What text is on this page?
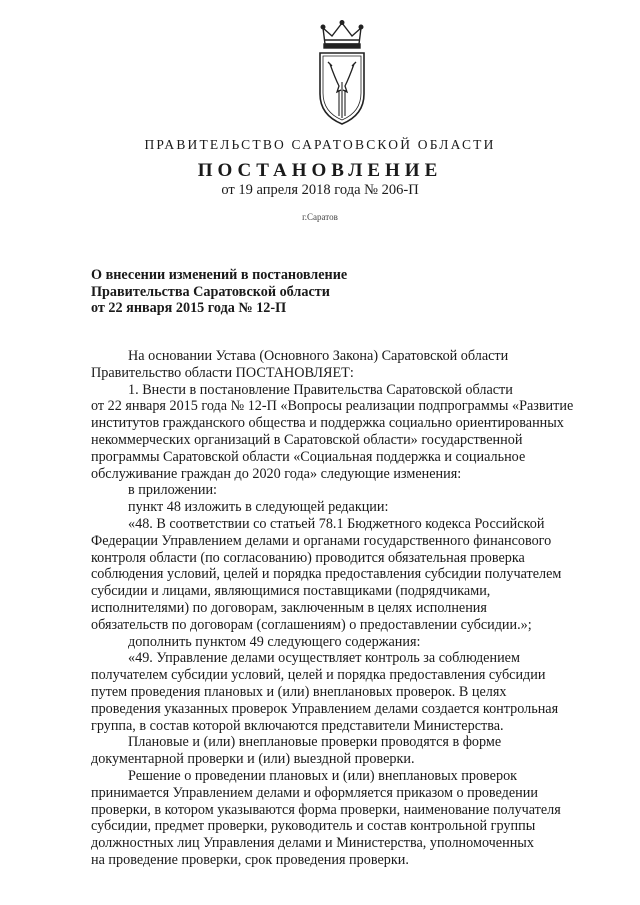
ПРАВИТЕЛЬСТВО САРАТОВСКОЙ ОБЛАСТИ
ПОСТАНОВЛЕНИЕ
от 19 апреля 2018 года № 206-П
г.Саратов
О внесении изменений в постановление
Правительства Саратовской области
от 22 января 2015 года № 12-П
На основании Устава (Основного Закона) Саратовской области
Правительство области ПОСТАНОВЛЯЕТ:
1. Внести в постановление Правительства Саратовской области
от 22 января 2015 года № 12-П «Вопросы реализации подпрограммы «Развитие
институтов гражданского общества и поддержка социально ориентированных
некоммерческих организаций в Саратовской области» государственной
программы Саратовской области «Социальная поддержка и социальное
обслуживание граждан до 2020 года» следующие изменения:
в приложении:
пункт 48 изложить в следующей редакции:
«48. В соответствии со статьей 78.1 Бюджетного кодекса Российской
Федерации Управлением делами и органами государственного финансового
контроля области (по согласованию) проводится обязательная проверка
соблюдения условий, целей и порядка предоставления субсидии получателем
субсидии и лицами, являющимися поставщиками (подрядчиками,
исполнителями) по договорам, заключенным в целях исполнения
обязательств по договорам (соглашениям) о предоставлении субсидии.»;
дополнить пунктом 49 следующего содержания:
«49. Управление делами осуществляет контроль за соблюдением
получателем субсидии условий, целей и порядка предоставления субсидии
путем проведения плановых и (или) внеплановых проверок. В целях
проведения указанных проверок Управлением делами создается контрольная
группа, в состав которой включаются представители Министерства.
Плановые и (или) внеплановые проверки проводятся в форме
документарной проверки и (или) выездной проверки.
Решение о проведении плановых и (или) внеплановых проверок
принимается Управлением делами и оформляется приказом о проведении
проверки, в котором указываются форма проверки, наименование получателя
субсидии, предмет проверки, руководитель и состав контрольной группы
должностных лиц Управления делами и Министерства, уполномоченных
на проведение проверки, срок проведения проверки.
